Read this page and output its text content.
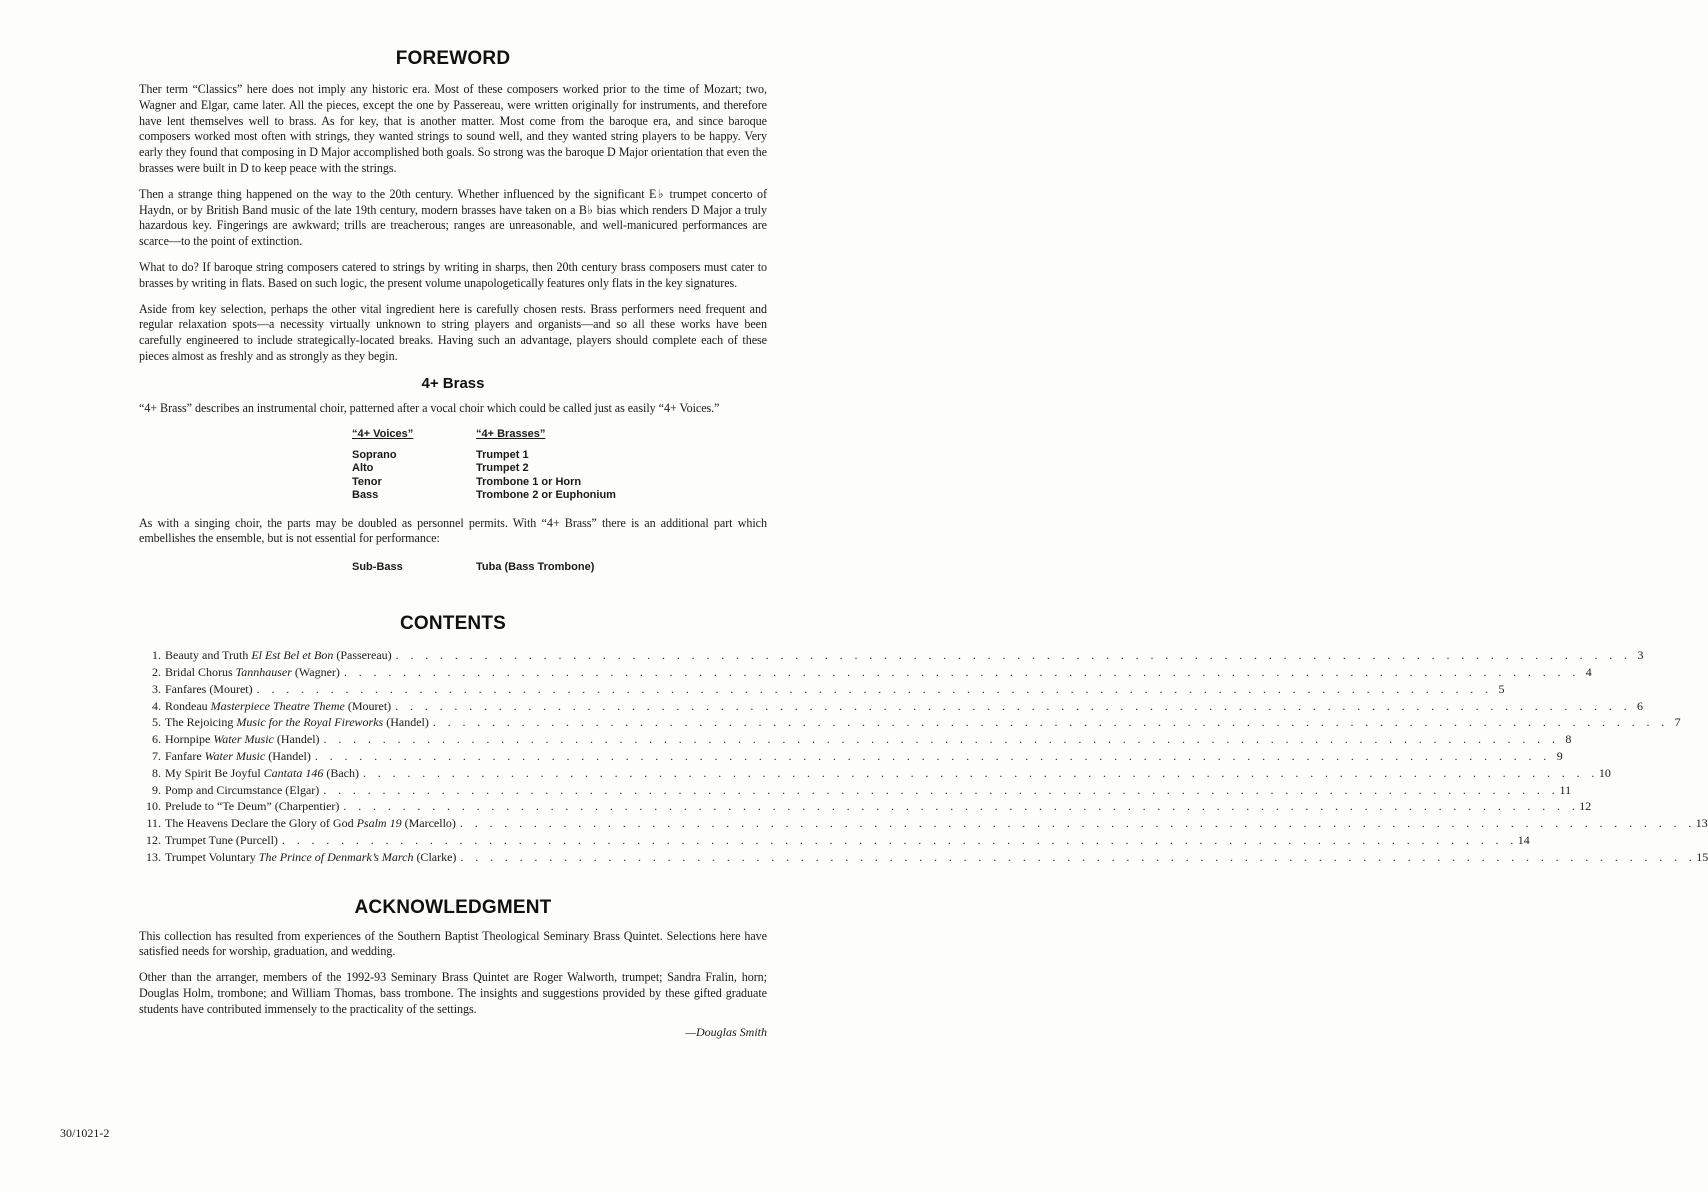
FOREWORD

Ther term “Classics” here does not imply any historic era. Most of these composers worked prior to the time of Mozart; two, Wagner and Elgar, came later. All the pieces, except the one by Passereau, were written originally for instruments, and therefore have lent themselves well to brass. As for key, that is another matter. Most come from the baroque era, and since baroque composers worked most often with strings, they wanted strings to sound well, and they wanted string players to be happy. Very early they found that composing in D Major accomplished both goals. So strong was the baroque D Major orientation that even the brasses were built in D to keep peace with the strings.

Then a strange thing happened on the way to the 20th century. Whether influenced by the significant E♭ trumpet concerto of Haydn, or by British Band music of the late 19th century, modern brasses have taken on a B♭ bias which renders D Major a truly hazardous key. Fingerings are awkward; trills are treacherous; ranges are unreasonable, and well-manicured performances are scarce—to the point of extinction.

What to do? If baroque string composers catered to strings by writing in sharps, then 20th century brass composers must cater to brasses by writing in flats. Based on such logic, the present volume unapologetically features only flats in the key signatures.

Aside from key selection, perhaps the other vital ingredient here is carefully chosen rests. Brass performers need frequent and regular relaxation spots—a necessity virtually unknown to string players and organists—and so all these works have been carefully engineered to include strategically-located breaks. Having such an advantage, players should complete each of these pieces almost as freshly and as strongly as they begin.

4+ Brass

“4+ Brass” describes an instrumental choir, patterned after a vocal choir which could be called just as easily “4+ Voices.”

“4+ Voices”	“4+ Brasses”
Soprano	Trumpet 1
Alto	Trumpet 2
Tenor	Trombone 1 or Horn
Bass	Trombone 2 or Euphonium

As with a singing choir, the parts may be doubled as personnel permits. With “4+ Brass” there is an additional part which embellishes the ensemble, but is not essential for performance:

Sub-Bass	Tuba (Bass Trombone)
CONTENTS
1. Beauty and Truth El Est Bel et Bon (Passereau) . . . . . . . . . . . . . . . . . . . . . . . . . . . . . . . . . . . . . . . . . . . . . . . . . . . . . . . . . . . . . . . . . . . . . . . . . . . . . . . . . . . . 3
2. Bridal Chorus Tannhauser (Wagner) . . . . . . . . . . . . . . . . . . . . . . . . . . . . . . . . . . . . . . . . . . . . . . . . . . . . . . . . . . . . . . . . . . . . . . . . . . . . . . . . . . . . 4
3. Fanfares (Mouret) . . . . . . . . . . . . . . . . . . . . . . . . . . . . . . . . . . . . . . . . . . . . . . . . . . . . . . . . . . . . . . . . . . . . . . . . . . . . . . . . . . . . 5
4. Rondeau Masterpiece Theatre Theme (Mouret) . . . . . . . . . . . . . . . . . . . . . . . . . . . . . . . . . . . . . . . . . . . . . . . . . . . . . . . . . . . . . . . . . . . . . . . . . . . . . . . . . . . . 6
5. The Rejoicing Music for the Royal Fireworks (Handel) . . . . . . . . . . . . . . . . . . . . . . . . . . . . . . . . . . . . . . . . . . . . . . . . . . . . . . . . . . . . . . . . . . . . . . . . . . . . . . . . . . . . 7
6. Hornpipe Water Music (Handel) . . . . . . . . . . . . . . . . . . . . . . . . . . . . . . . . . . . . . . . . . . . . . . . . . . . . . . . . . . . . . . . . . . . . . . . . . . . . . . . . . . . . 8
7. Fanfare Water Music (Handel) . . . . . . . . . . . . . . . . . . . . . . . . . . . . . . . . . . . . . . . . . . . . . . . . . . . . . . . . . . . . . . . . . . . . . . . . . . . . . . . . . . . . 9
8. My Spirit Be Joyful Cantata 146 (Bach) . . . . . . . . . . . . . . . . . . . . . . . . . . . . . . . . . . . . . . . . . . . . . . . . . . . . . . . . . . . . . . . . . . . . . . . . . . . . . . . . . . . . 10
9. Pomp and Circumstance (Elgar) . . . . . . . . . . . . . . . . . . . . . . . . . . . . . . . . . . . . . . . . . . . . . . . . . . . . . . . . . . . . . . . . . . . . . . . . . . . . . . . . . . . . 11
10. Prelude to “Te Deum” (Charpentier) . . . . . . . . . . . . . . . . . . . . . . . . . . . . . . . . . . . . . . . . . . . . . . . . . . . . . . . . . . . . . . . . . . . . . . . . . . . . . . . . . . . . 12
11. The Heavens Declare the Glory of God Psalm 19 (Marcello) . . . . . . . . . . . . . . . . . . . . . . . . . . . . . . . . . . . . . . . . . . . . . . . . . . . . . . . . . . . . . . . . . . . . . . . . . . . . . . . . . . . . 13
12. Trumpet Tune (Purcell) . . . . . . . . . . . . . . . . . . . . . . . . . . . . . . . . . . . . . . . . . . . . . . . . . . . . . . . . . . . . . . . . . . . . . . . . . . . . . . . . . . . . 14
13. Trumpet Voluntary The Prince of Denmark’s March (Clarke) . . . . . . . . . . . . . . . . . . . . . . . . . . . . . . . . . . . . . . . . . . . . . . . . . . . . . . . . . . . . . . . . . . . . . . . . . . . . . . . . . . . . 15
ACKNOWLEDGMENT

This collection has resulted from experiences of the Southern Baptist Theological Seminary Brass Quintet. Selections here have satisfied needs for worship, graduation, and wedding.

Other than the arranger, members of the 1992-93 Seminary Brass Quintet are Roger Walworth, trumpet; Sandra Fralin, horn; Douglas Holm, trombone; and William Thomas, bass trombone. The insights and suggestions provided by these gifted graduate students have contributed immensely to the practicality of the settings.

—Douglas Smith
30/1021-2
